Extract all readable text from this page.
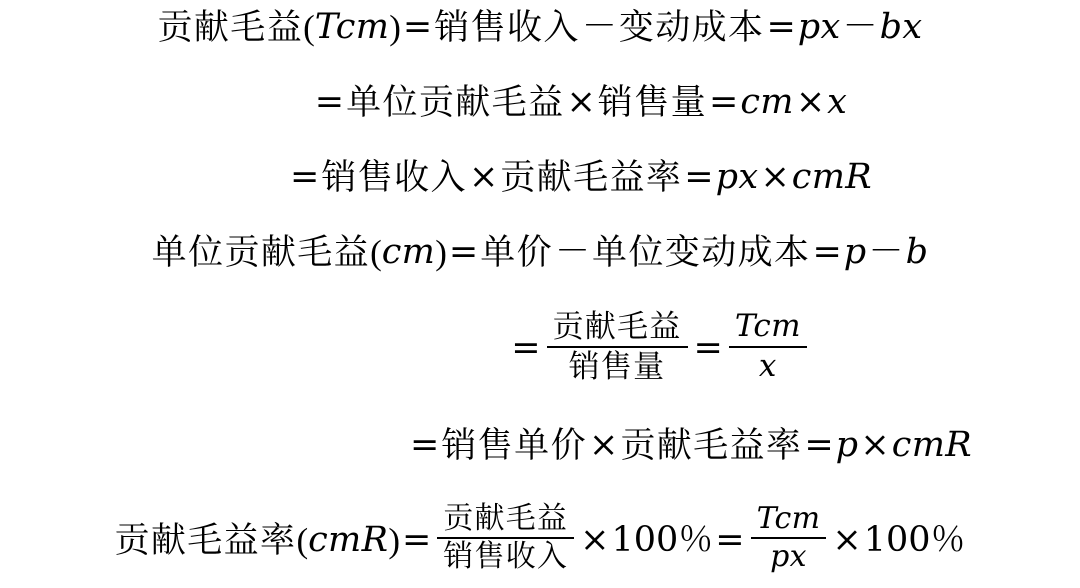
贡献毛益 ( Tcm ) = 销售收入 － 变动成本 = px － bx
= 单位贡献毛益 × 销售量 = cm × x
= 销售收入 × 贡献毛益率 = px × cmR
单位贡献毛益 ( cm ) = 单价 － 单位变动成本 = p － b
= $\frac{\text{贡献毛益}}{\text{销售量}} = \frac{\text{Tcm}}{x}$
= 销售单价 × 贡献毛益率 = p × cmR
贡献毛益率 ( cmR ) = $\frac{\text{贡献毛益}}{\text{销售收入}} \times 100$％ = $\frac{\text{Tcm}}{px} \times 100$％
